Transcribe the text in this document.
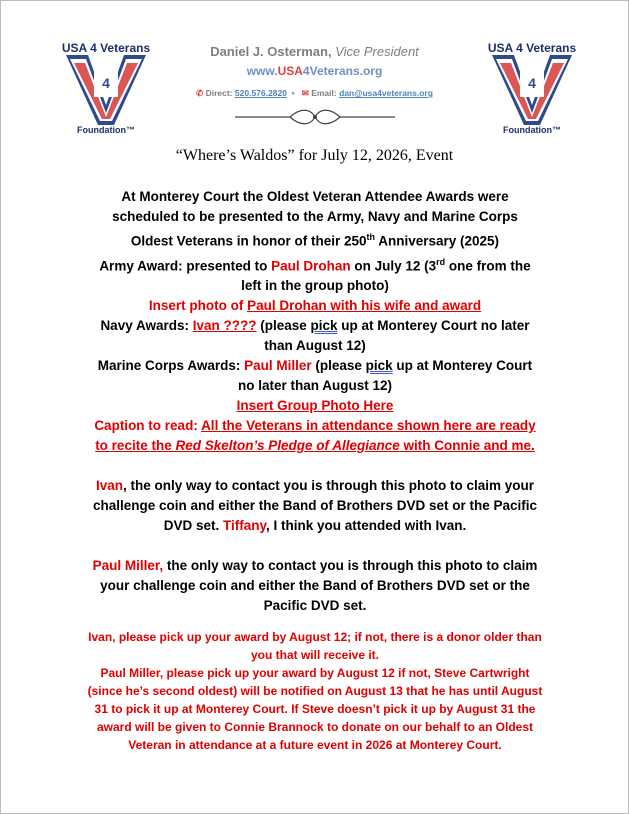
USA 4 Veterans
4
Foundation™
USA 4 Veterans
4
Foundation™
Daniel J. Osterman, Vice President
www.USA4Veterans.org
✆ Direct: 520.576.2820  •   ✉ Email: dan@usa4veterans.org
“Where’s Waldos” for July 12, 2026, Event

At Monterey Court the Oldest Veteran Attendee Awards were

scheduled to be presented to the Army, Navy and Marine Corps

Oldest Veterans in honor of their 250th Anniversary (2025)

Army Award: presented to Paul Drohan on July 12 (3rd one from the

left in the group photo)

Insert photo of Paul Drohan with his wife and award

Navy Awards: Ivan ???? (please pick up at Monterey Court no later

than August 12)

Marine Corps Awards: Paul Miller (please pick up at Monterey Court

no later than August 12)

Insert Group Photo Here

Caption to read: All the Veterans in attendance shown here are ready

to recite the Red Skelton’s Pledge of Allegiance with Connie and me.

Ivan, the only way to contact you is through this photo to claim your

challenge coin and either the Band of Brothers DVD set or the Pacific

DVD set. Tiffany, I think you attended with Ivan.

Paul Miller, the only way to contact you is through this photo to claim

your challenge coin and either the Band of Brothers DVD set or the

Pacific DVD set.

Ivan, please pick up your award by August 12; if not, there is a donor older than

you that will receive it.

Paul Miller, please pick up your award by August 12 if not, Steve Cartwright

(since he’s second oldest) will be notified on August 13 that he has until August

31 to pick it up at Monterey Court. If Steve doesn’t pick it up by August 31 the

award will be given to Connie Brannock to donate on our behalf to an Oldest

Veteran in attendance at a future event in 2026 at Monterey Court.
